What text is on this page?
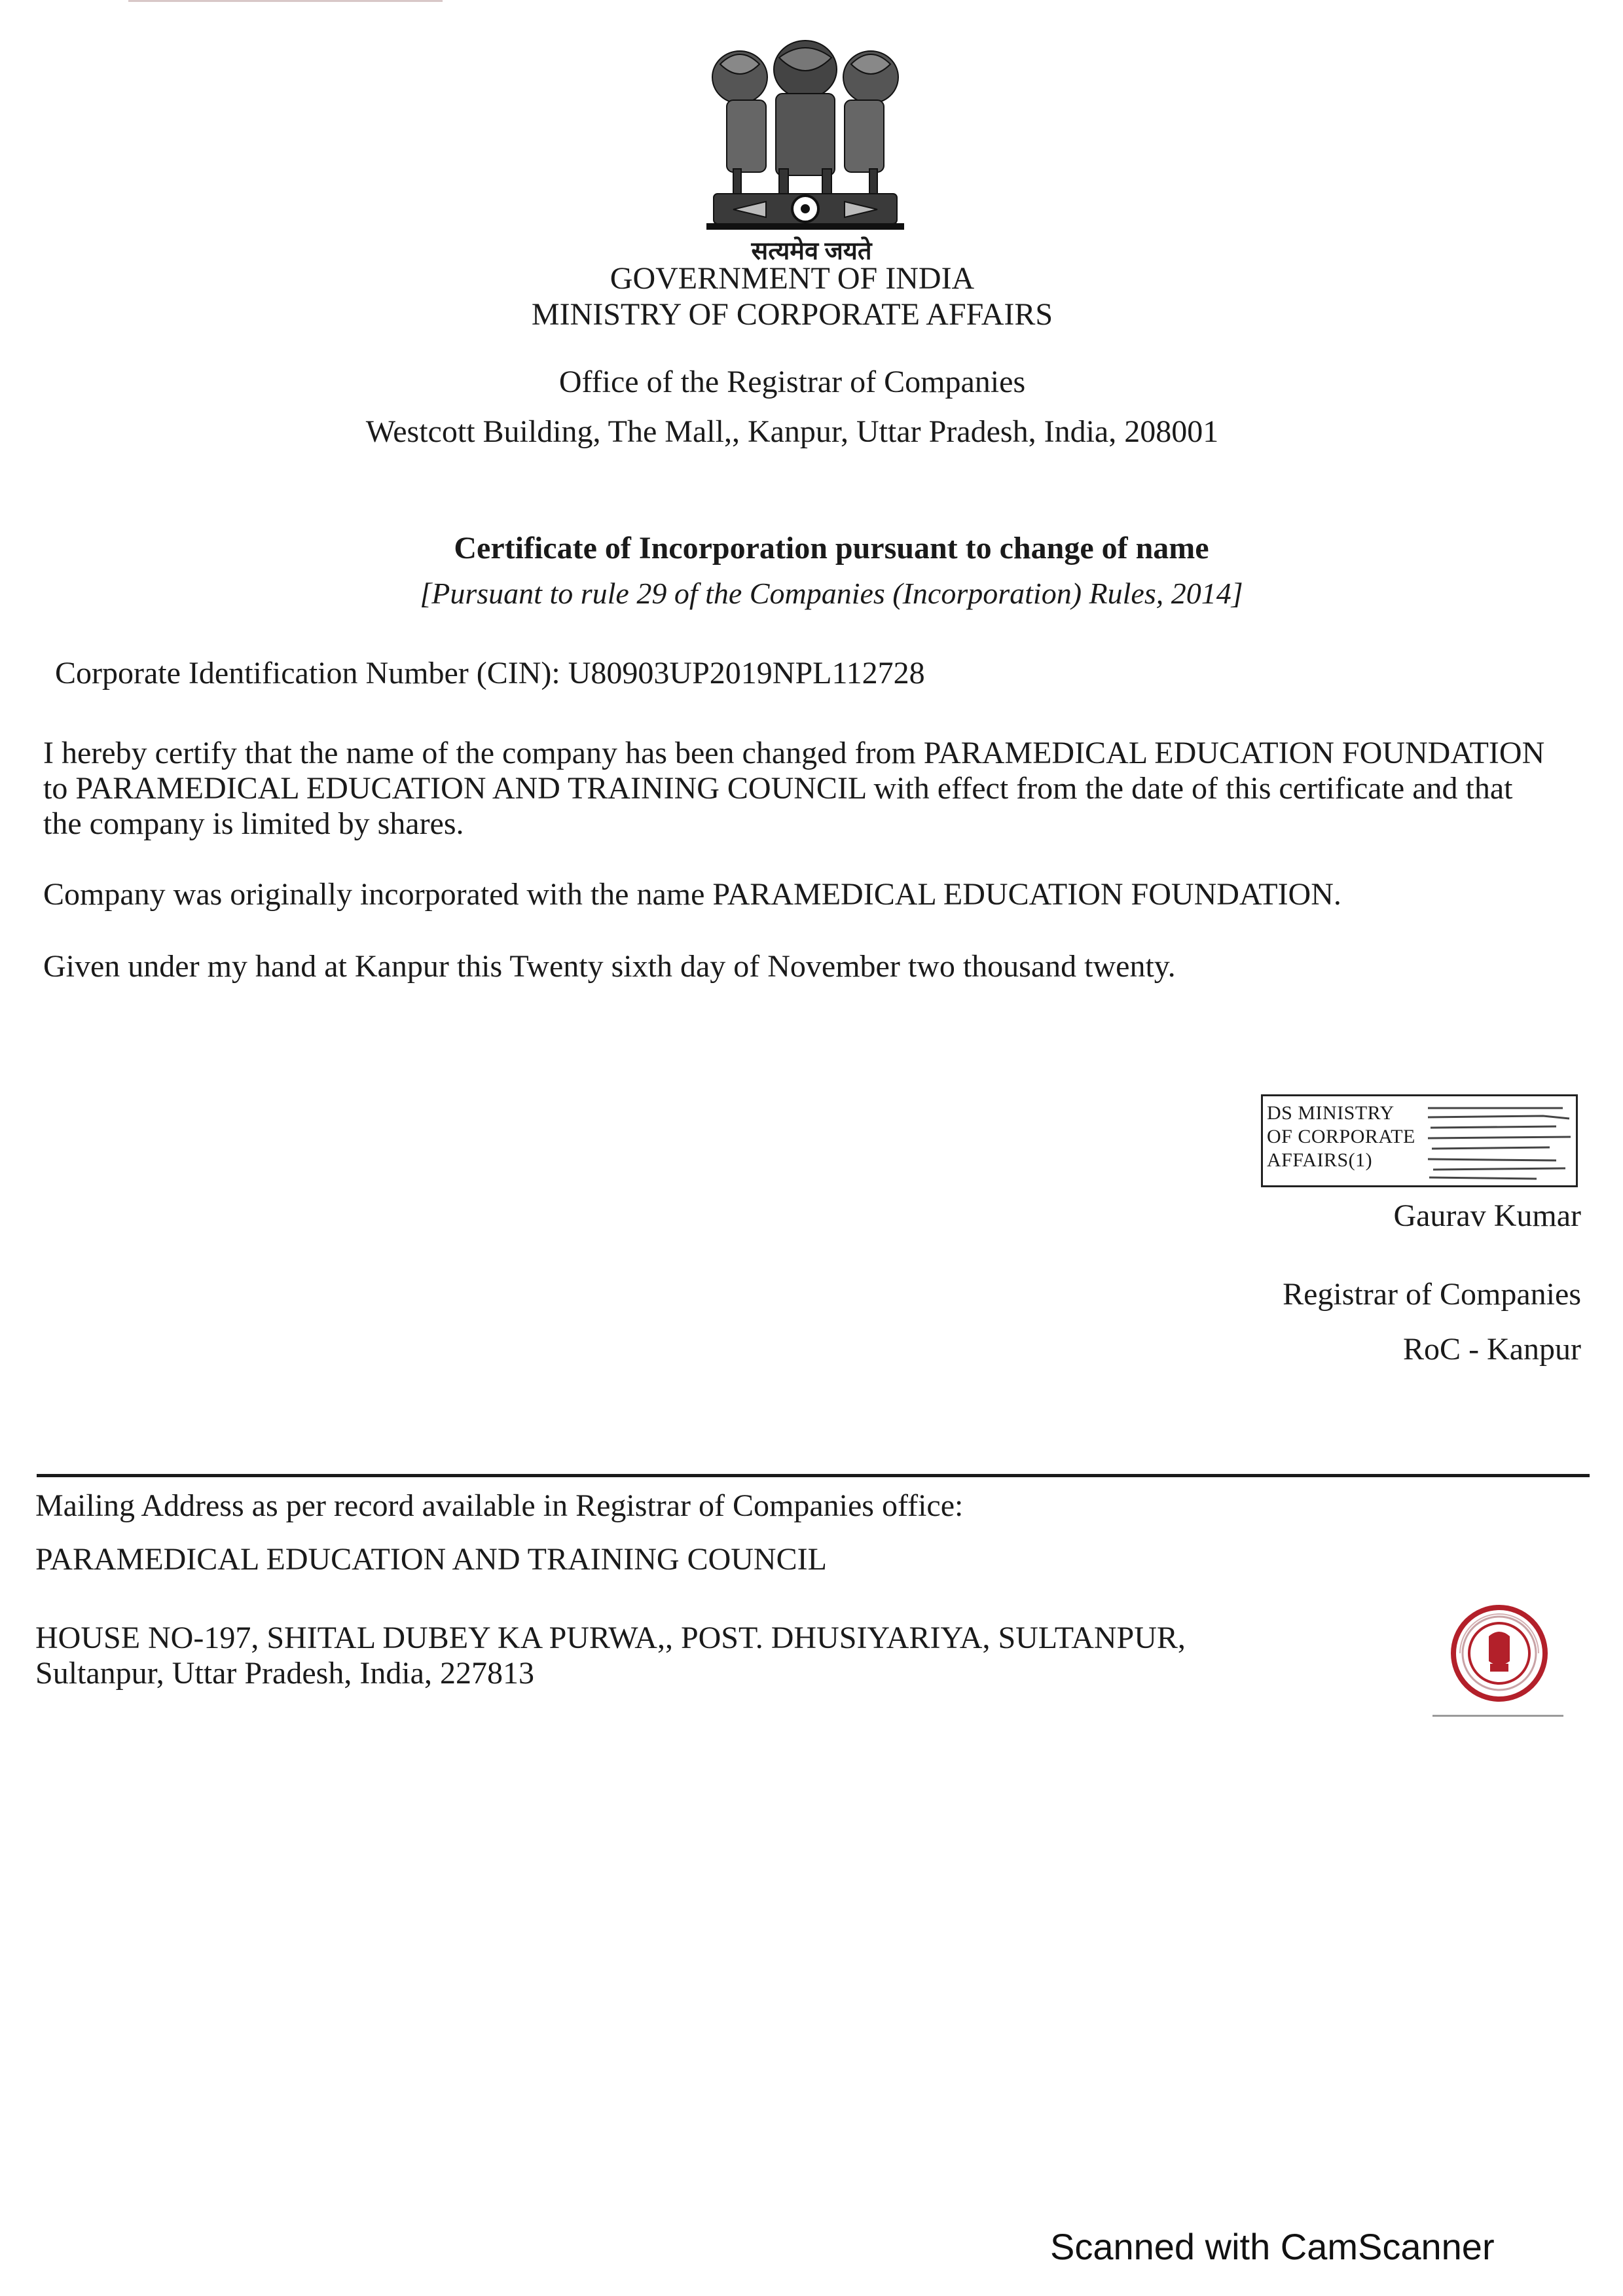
सत्यमेव जयते
GOVERNMENT OF INDIA
MINISTRY OF CORPORATE AFFAIRS
Office of the Registrar of Companies
Westcott Building, The Mall,, Kanpur, Uttar Pradesh, India, 208001
Certificate of Incorporation pursuant to change of name
[Pursuant to rule 29 of the Companies (Incorporation) Rules, 2014]
Corporate Identification Number (CIN): U80903UP2019NPL112728
I hereby certify that the name of the company has been changed from PARAMEDICAL EDUCATION FOUNDATION to PARAMEDICAL EDUCATION AND TRAINING COUNCIL with effect from the date of this certificate and that the company is limited by shares.
Company was originally incorporated with the name PARAMEDICAL EDUCATION FOUNDATION.
Given under my hand at Kanpur this Twenty sixth day of November two thousand twenty.
DS MINISTRY
OF CORPORATE
AFFAIRS(1)
Gaurav Kumar
Registrar of Companies
RoC - Kanpur
Mailing Address as per record available in Registrar of Companies office:
PARAMEDICAL EDUCATION AND TRAINING COUNCIL
HOUSE NO-197, SHITAL DUBEY KA PURWA,, POST. DHUSIYARIYA, SULTANPUR,
Sultanpur, Uttar Pradesh, India, 227813
Scanned with CamScanner
